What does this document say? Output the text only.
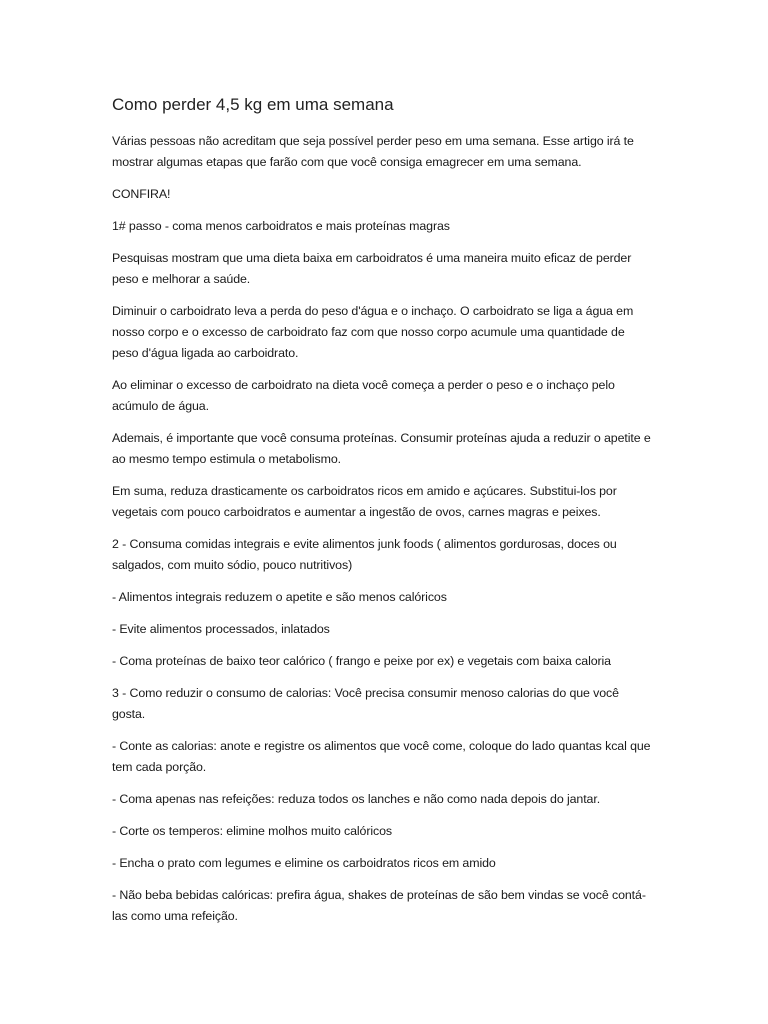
Como perder 4,5 kg em uma semana

Várias pessoas não acreditam que seja possível perder peso em uma semana. Esse artigo irá te mostrar algumas etapas que farão com que você consiga emagrecer em uma semana.

CONFIRA!

1# passo - coma menos carboidratos e mais proteínas magras

Pesquisas mostram que uma dieta baixa em carboidratos é uma maneira muito eficaz de perder peso e melhorar a saúde.

Diminuir o carboidrato leva a perda do peso d'água e o inchaço. O carboidrato se liga a água em nosso corpo e o excesso de carboidrato faz com que nosso corpo acumule uma quantidade de peso d'água ligada ao carboidrato.

Ao eliminar o excesso de carboidrato na dieta você começa a perder o peso e o inchaço pelo acúmulo de água.

Ademais, é importante que você consuma proteínas. Consumir proteínas ajuda a reduzir o apetite e ao mesmo tempo estimula o metabolismo.

Em suma, reduza drasticamente os carboidratos ricos em amido e açúcares. Substitui-los por vegetais com pouco carboidratos e aumentar a ingestão de ovos, carnes magras e peixes.

2 - Consuma comidas integrais e evite alimentos junk foods ( alimentos gordurosas, doces ou salgados, com muito sódio, pouco nutritivos)

- Alimentos integrais reduzem o apetite e são menos calóricos

- Evite alimentos processados, inlatados

- Coma proteínas de baixo teor calórico ( frango e peixe por ex) e vegetais com baixa caloria

3 - Como reduzir o consumo de calorias: Você precisa consumir menoso calorias do que você gosta.

- Conte as calorias: anote e registre os alimentos que você come, coloque do lado quantas kcal que tem cada porção.

- Coma apenas nas refeições: reduza todos os lanches e não como nada depois do jantar.

- Corte os temperos: elimine molhos muito calóricos

- Encha o prato com legumes e elimine os carboidratos ricos em amido

- Não beba bebidas calóricas: prefira água, shakes de proteínas de são bem vindas se você contá-las como uma refeição.
